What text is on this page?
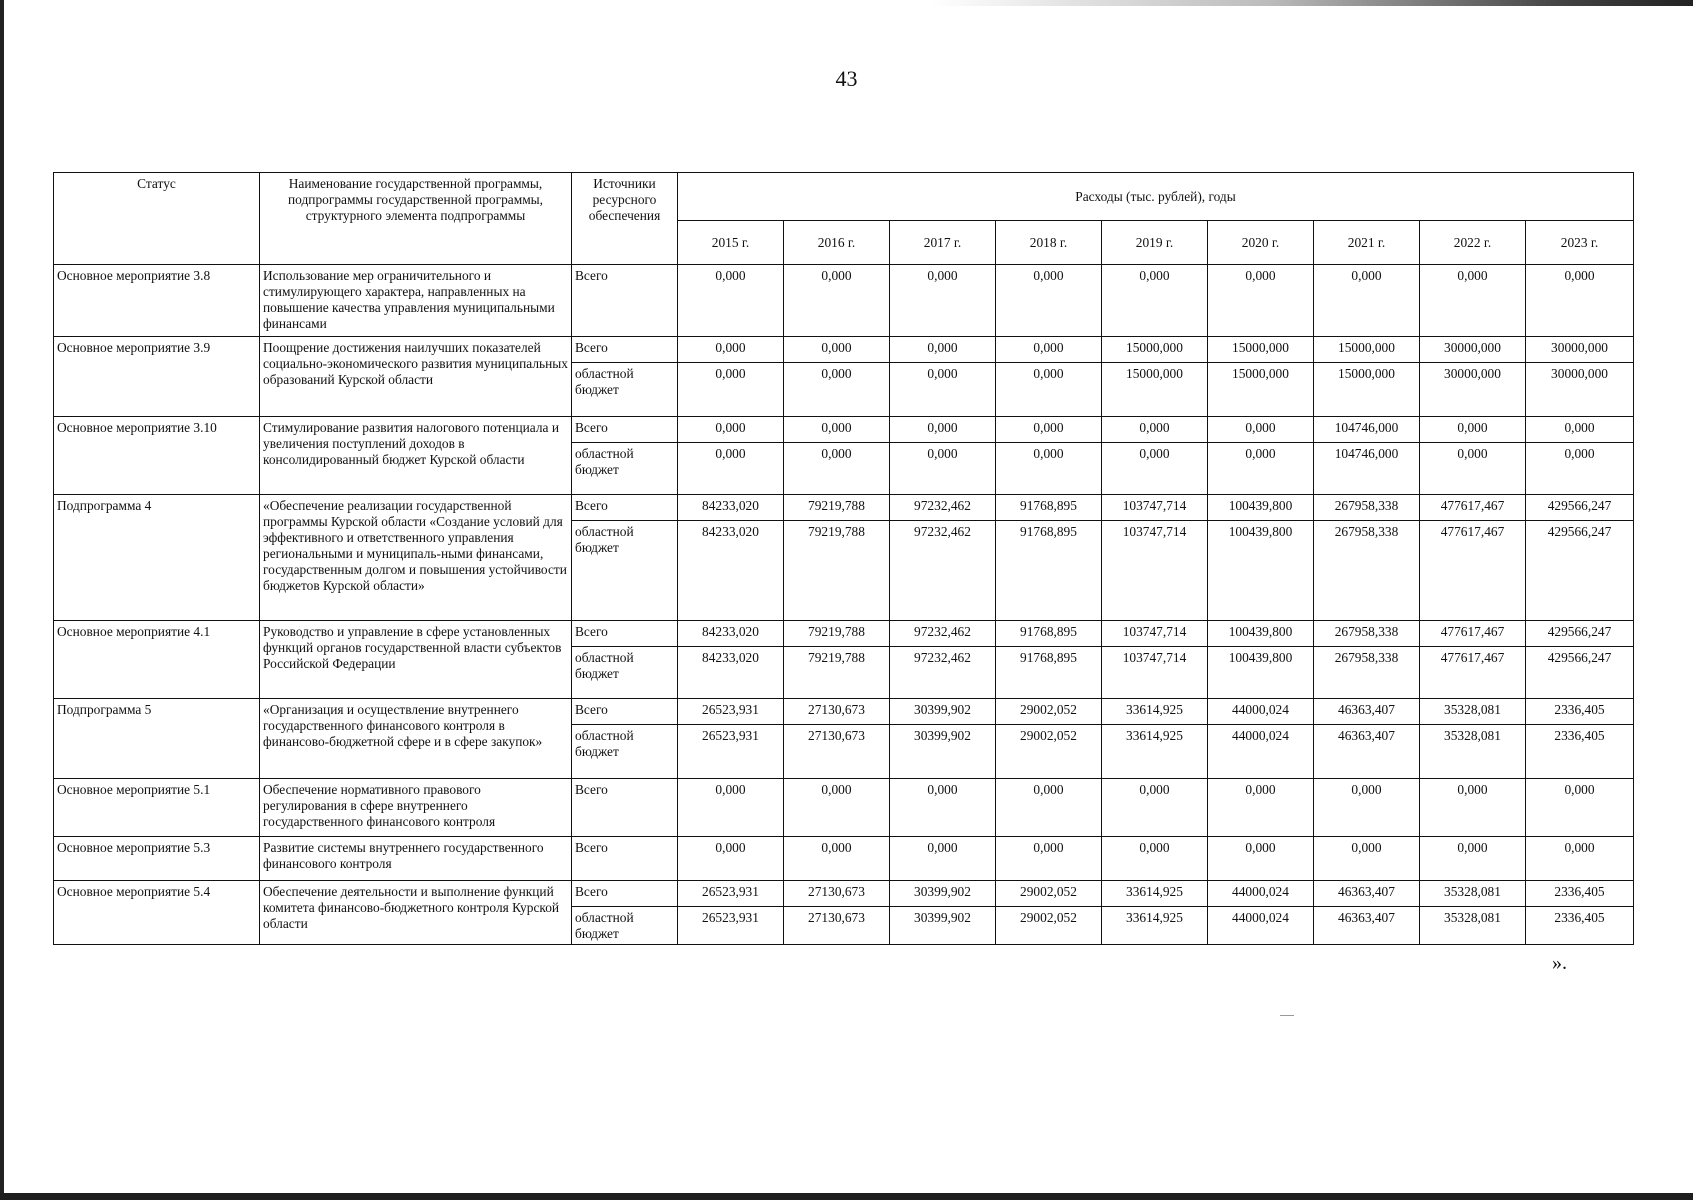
43
Статус	Наименование государственной программы, подпрограммы государственной программы, структурного элемента подпрограммы	Источники ресурсного обеспечения	Расходы (тыс. рублей), годы								
			2015 г.	2016 г.	2017 г.	2018 г.	2019 г.	2020 г.	2021 г.	2022 г.	2023 г.
Основное мероприятие 3.8	Использование мер ограничительного и стимулирующего характера, направленных на повышение качества управления муниципальными финансами	Всего	0,000	0,000	0,000	0,000	0,000	0,000	0,000	0,000	0,000
Основное мероприятие 3.9	Поощрение достижения наилучших показателей социально-экономического развития муниципальных образований Курской области	Всего	0,000	0,000	0,000	0,000	15000,000	15000,000	15000,000	30000,000	30000,000
		областной бюджет	0,000	0,000	0,000	0,000	15000,000	15000,000	15000,000	30000,000	30000,000
Основное мероприятие 3.10	Стимулирование развития налогового потенциала и увеличения поступлений доходов в консолидированный бюджет Курской области	Всего	0,000	0,000	0,000	0,000	0,000	0,000	104746,000	0,000	0,000
		областной бюджет	0,000	0,000	0,000	0,000	0,000	0,000	104746,000	0,000	0,000
Подпрограмма 4	«Обеспечение реализации государственной программы Курской области «Создание условий для эффективного и ответственного управления региональными и муниципаль-ными финансами, государственным долгом и повышения устойчивости бюджетов Курской области»	Всего	84233,020	79219,788	97232,462	91768,895	103747,714	100439,800	267958,338	477617,467	429566,247
		областной бюджет	84233,020	79219,788	97232,462	91768,895	103747,714	100439,800	267958,338	477617,467	429566,247
Основное мероприятие 4.1	Руководство и управление в сфере установленных функций органов государственной власти субъектов Российской Федерации	Всего	84233,020	79219,788	97232,462	91768,895	103747,714	100439,800	267958,338	477617,467	429566,247
		областной бюджет	84233,020	79219,788	97232,462	91768,895	103747,714	100439,800	267958,338	477617,467	429566,247
Подпрограмма 5	«Организация и осуществление внутреннего государственного финансового контроля в финансово-бюджетной сфере и в сфере закупок»	Всего	26523,931	27130,673	30399,902	29002,052	33614,925	44000,024	46363,407	35328,081	2336,405
		областной бюджет	26523,931	27130,673	30399,902	29002,052	33614,925	44000,024	46363,407	35328,081	2336,405
Основное мероприятие 5.1	Обеспечение нормативного правового регулирования в сфере внутреннего государственного финансового контроля	Всего	0,000	0,000	0,000	0,000	0,000	0,000	0,000	0,000	0,000
Основное мероприятие 5.3	Развитие системы внутреннего государственного финансового контроля	Всего	0,000	0,000	0,000	0,000	0,000	0,000	0,000	0,000	0,000
Основное мероприятие 5.4	Обеспечение деятельности и выполнение функций комитета финансово-бюджетного контроля Курской области	Всего	26523,931	27130,673	30399,902	29002,052	33614,925	44000,024	46363,407	35328,081	2336,405
		областной бюджет	26523,931	27130,673	30399,902	29002,052	33614,925	44000,024	46363,407	35328,081	2336,405
».
